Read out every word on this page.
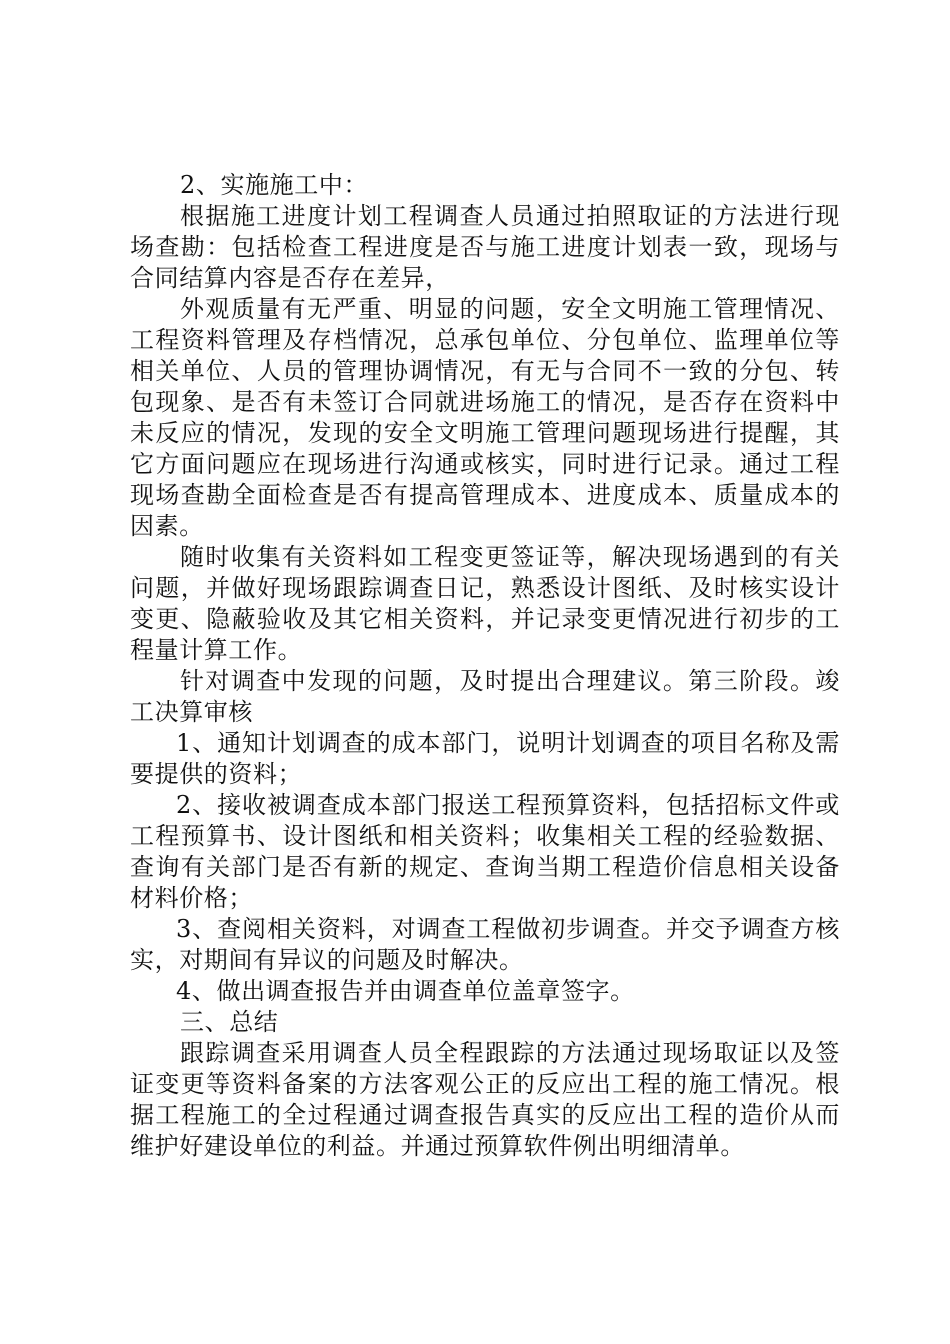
2、实施施工中：

根据施工进度计划工程调查人员通过拍照取证的方法进行现场查勘：包括检查工程进度是否与施工进度计划表一致，现场与合同结算内容是否存在差异，

外观质量有无严重、明显的问题，安全文明施工管理情况、工程资料管理及存档情况，总承包单位、分包单位、监理单位等相关单位、人员的管理协调情况，有无与合同不一致的分包、转包现象、是否有未签订合同就进场施工的情况，是否存在资料中未反应的情况，发现的安全文明施工管理问题现场进行提醒，其它方面问题应在现场进行沟通或核实，同时进行记录。通过工程现场查勘全面检查是否有提高管理成本、进度成本、质量成本的因素。

随时收集有关资料如工程变更签证等，解决现场遇到的有关问题，并做好现场跟踪调查日记，熟悉设计图纸、及时核实设计变更、隐蔽验收及其它相关资料，并记录变更情况进行初步的工程量计算工作。

针对调查中发现的问题，及时提出合理建议。第三阶段。竣工决算审核

1、通知计划调查的成本部门，说明计划调查的项目名称及需要提供的资料；

2、接收被调查成本部门报送工程预算资料，包括招标文件或工程预算书、设计图纸和相关资料；收集相关工程的经验数据、查询有关部门是否有新的规定、查询当期工程造价信息相关设备材料价格；

3、查阅相关资料，对调查工程做初步调查。并交予调查方核实，对期间有异议的问题及时解决。

4、做出调查报告并由调查单位盖章签字。

三、总结

跟踪调查采用调查人员全程跟踪的方法通过现场取证以及签证变更等资料备案的方法客观公正的反应出工程的施工情况。根据工程施工的全过程通过调查报告真实的反应出工程的造价从而维护好建设单位的利益。并通过预算软件例出明细清单。
